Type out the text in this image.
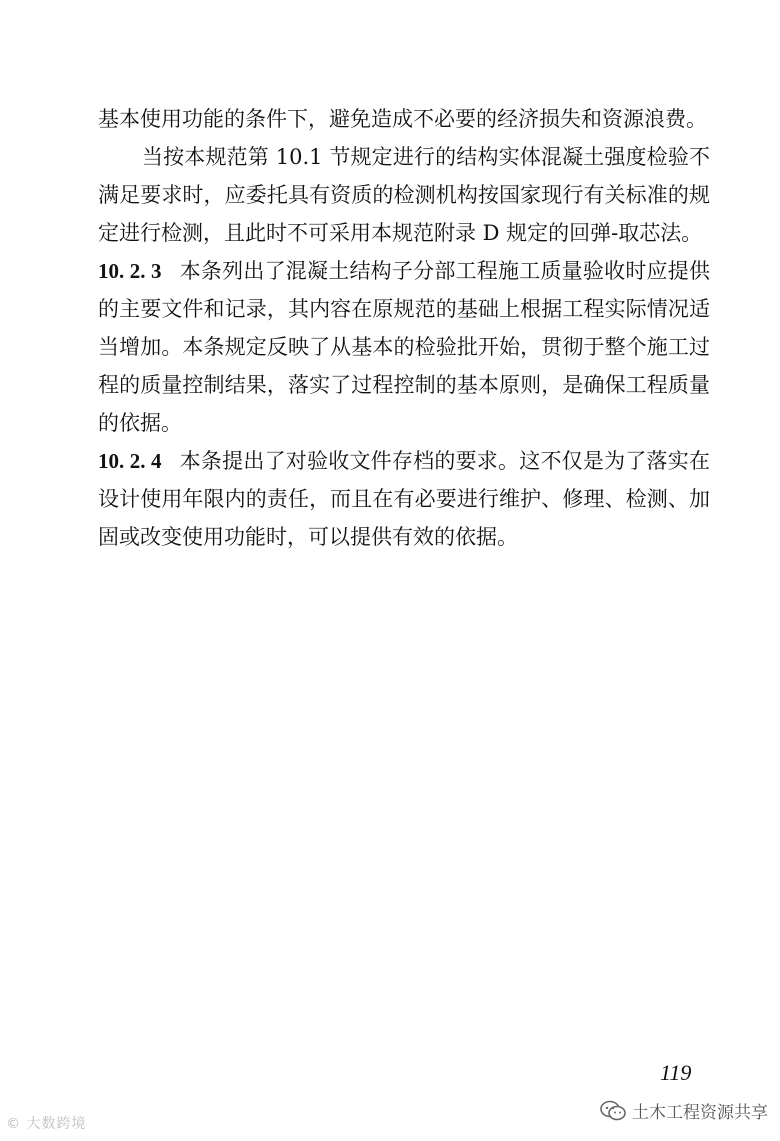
基本使用功能的条件下，避免造成不必要的经济损失和资源浪费。

当按本规范第 10.1 节规定进行的结构实体混凝土强度检验不满足要求时，应委托具有资质的检测机构按国家现行有关标准的规定进行检测，且此时不可采用本规范附录 D 规定的回弹-取芯法。

10. 2. 3 本条列出了混凝土结构子分部工程施工质量验收时应提供的主要文件和记录，其内容在原规范的基础上根据工程实际情况适当增加。本条规定反映了从基本的检验批开始，贯彻于整个施工过程的质量控制结果，落实了过程控制的基本原则，是确保工程质量的依据。

10. 2. 4 本条提出了对验收文件存档的要求。这不仅是为了落实在设计使用年限内的责任，而且在有必要进行维护、修理、检测、加固或改变使用功能时，可以提供有效的依据。

119
© 大数跨境
土木工程资源共享
